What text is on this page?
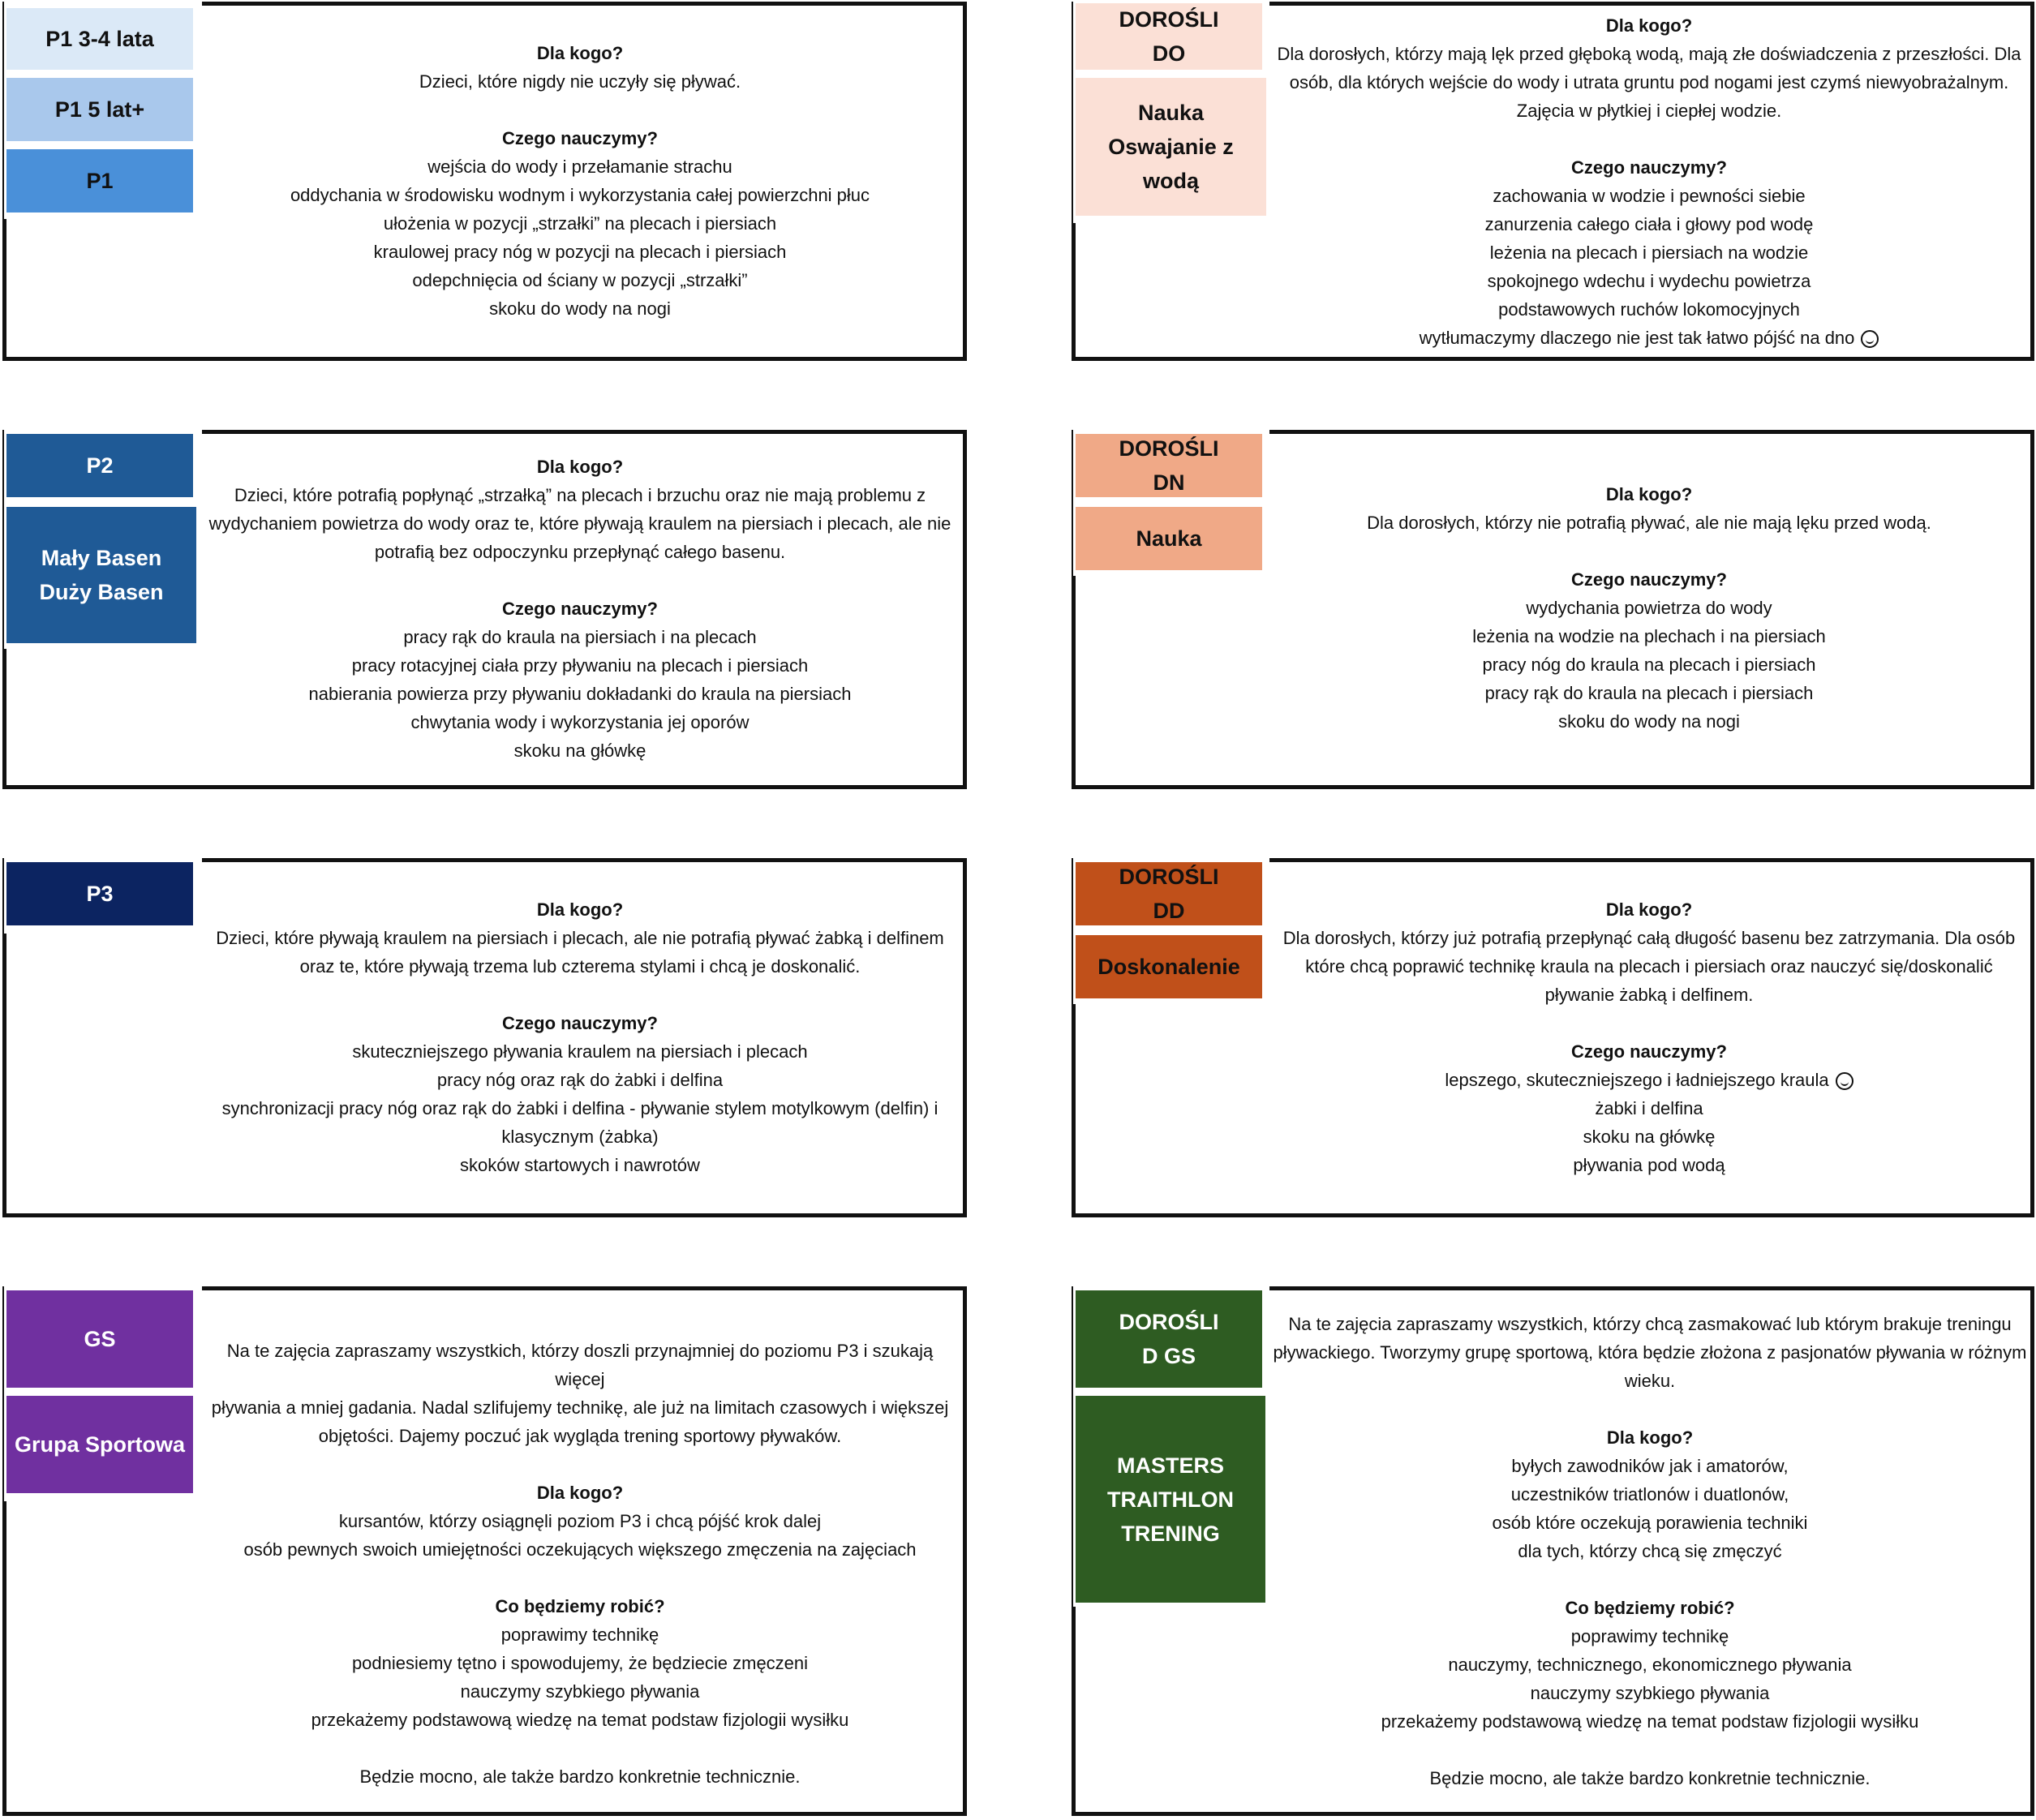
P1 3-4 lata
P1 5 lat+
P1
Dla kogo?
Dzieci, które nigdy nie uczyły się pływać.
Czego nauczymy?
wejścia do wody i przełamanie strachu
oddychania w środowisku wodnym i wykorzystania całej powierzchni płuc
ułożenia w pozycji „strzałki” na plecach i piersiach
kraulowej pracy nóg w pozycji na plecach i piersiach
odepchnięcia od ściany w pozycji „strzałki”
skoku do wody na nogi
DOROŚLI
DO
Nauka
Oswajanie z wodą
Dla kogo?
Dla dorosłych, którzy mają lęk przed głęboką wodą, mają złe doświadczenia z przeszłości. Dla
osób, dla których wejście do wody i utrata gruntu pod nogami jest czymś niewyobrażalnym.
Zajęcia w płytkiej i ciepłej wodzie.
Czego nauczymy?
zachowania w wodzie i pewności siebie
zanurzenia całego ciała i głowy pod wodę
leżenia na plecach i piersiach na wodzie
spokojnego wdechu i wydechu powietrza
podstawowych ruchów lokomocyjnych
wytłumaczymy dlaczego nie jest tak łatwo pójść na dno
P2
Mały Basen
Duży Basen
Dla kogo?
Dzieci, które potrafią popłynąć „strzałką” na plecach i brzuchu oraz nie mają problemu z
wydychaniem powietrza do wody oraz te, które pływają kraulem na piersiach i plecach, ale nie
potrafią bez odpoczynku przepłynąć całego basenu.
Czego nauczymy?
pracy rąk do kraula na piersiach i na plecach
pracy rotacyjnej ciała przy pływaniu na plecach i piersiach
nabierania powierza przy pływaniu dokładanki do kraula na piersiach
chwytania wody i wykorzystania jej oporów
skoku na główkę
DOROŚLI
DN
Nauka
Dla kogo?
Dla dorosłych, którzy nie potrafią pływać, ale nie mają lęku przed wodą.
Czego nauczymy?
wydychania powietrza do wody
leżenia na wodzie na plechach i na piersiach
pracy nóg do kraula na plecach i piersiach
pracy rąk do kraula na plecach i piersiach
skoku do wody na nogi
P3
Dla kogo?
Dzieci, które pływają kraulem na piersiach i plecach, ale nie potrafią pływać żabką i delfinem
oraz te, które pływają trzema lub czterema stylami i chcą je doskonalić.
Czego nauczymy?
skuteczniejszego pływania kraulem na piersiach i plecach
pracy nóg oraz rąk do żabki i delfina
synchronizacji pracy nóg oraz rąk do żabki i delfina - pływanie stylem motylkowym (delfin) i
klasycznym (żabka)
skoków startowych i nawrotów
DOROŚLI
DD
Doskonalenie
Dla kogo?
Dla dorosłych, którzy już potrafią przepłynąć całą długość basenu bez zatrzymania. Dla osób
które chcą poprawić technikę kraula na plecach i piersiach oraz nauczyć się/doskonalić
pływanie żabką i delfinem.
Czego nauczymy?
lepszego, skuteczniejszego i ładniejszego kraula
żabki i delfina
skoku na główkę
pływania pod wodą
GS
Grupa Sportowa
Na te zajęcia zapraszamy wszystkich, którzy doszli przynajmniej do poziomu P3 i szukają więcej
pływania a mniej gadania. Nadal szlifujemy technikę, ale już na limitach czasowych i większej
objętości. Dajemy poczuć jak wygląda trening sportowy pływaków.
Dla kogo?
kursantów, którzy osiągnęli poziom P3 i chcą pójść krok dalej
osób pewnych swoich umiejętności oczekujących większego zmęczenia na zajęciach
Co będziemy robić?
poprawimy technikę
podniesiemy tętno i spowodujemy, że będziecie zmęczeni
nauczymy szybkiego pływania
przekażemy podstawową wiedzę na temat podstaw fizjologii wysiłku
Będzie mocno, ale także bardzo konkretnie technicznie.
DOROŚLI
D GS
MASTERS
TRAITHLON
TRENING
Na te zajęcia zapraszamy wszystkich, którzy chcą zasmakować lub którym brakuje treningu
pływackiego. Tworzymy grupę sportową, która będzie złożona z pasjonatów pływania w różnym
wieku.
Dla kogo?
byłych zawodników jak i amatorów,
uczestników triatlonów i duatlonów,
osób które oczekują porawienia techniki
dla tych, którzy chcą się zmęczyć
Co będziemy robić?
poprawimy technikę
nauczymy, technicznego, ekonomicznego pływania
nauczymy szybkiego pływania
przekażemy podstawową wiedzę na temat podstaw fizjologii wysiłku
Będzie mocno, ale także bardzo konkretnie technicznie.
